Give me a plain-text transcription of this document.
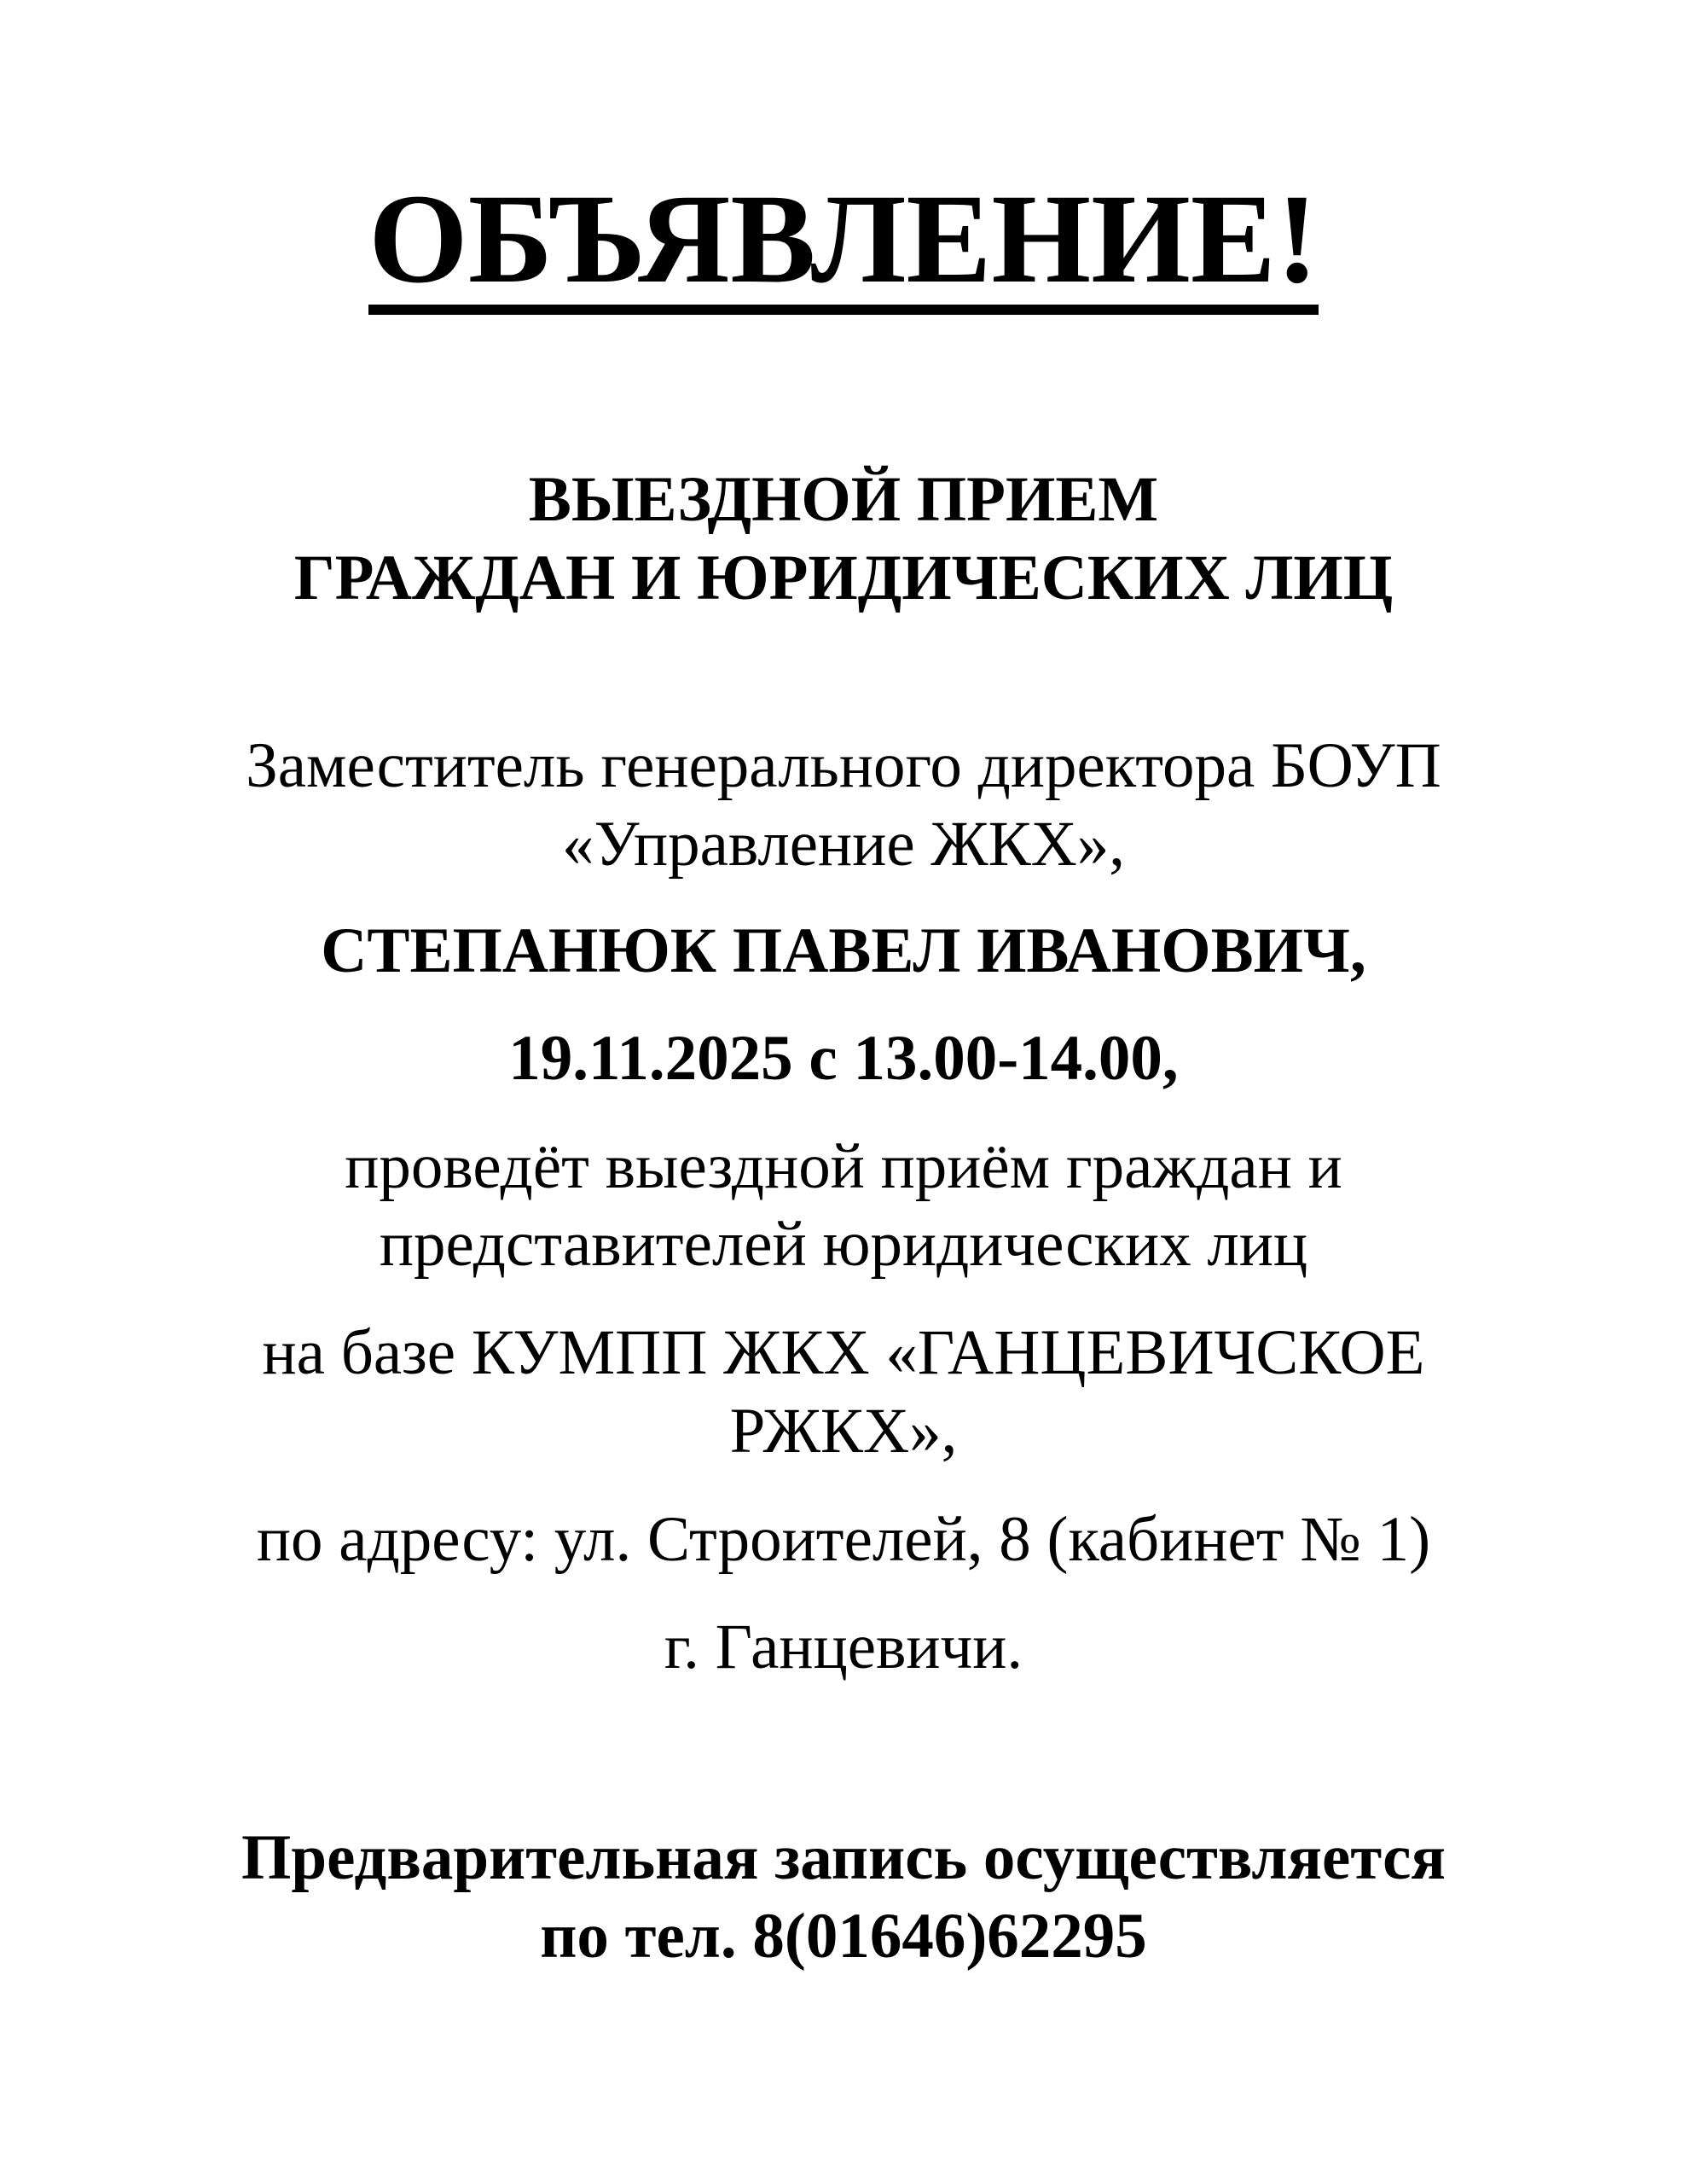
ОБЪЯВЛЕНИЕ!
ВЫЕЗДНОЙ ПРИЕМ
ГРАЖДАН И ЮРИДИЧЕСКИХ ЛИЦ
Заместитель генерального директора БОУП
«Управление ЖКХ»,
СТЕПАНЮК ПАВЕЛ ИВАНОВИЧ,
19.11.2025 с 13.00-14.00,
проведёт выездной приём граждан и
представителей юридических лиц
на базе КУМПП ЖКХ «ГАНЦЕВИЧСКОЕ
РЖКХ»,
по адресу: ул. Строителей, 8 (кабинет № 1)
г. Ганцевичи.
Предварительная запись осуществляется
по тел. 8(01646)62295
